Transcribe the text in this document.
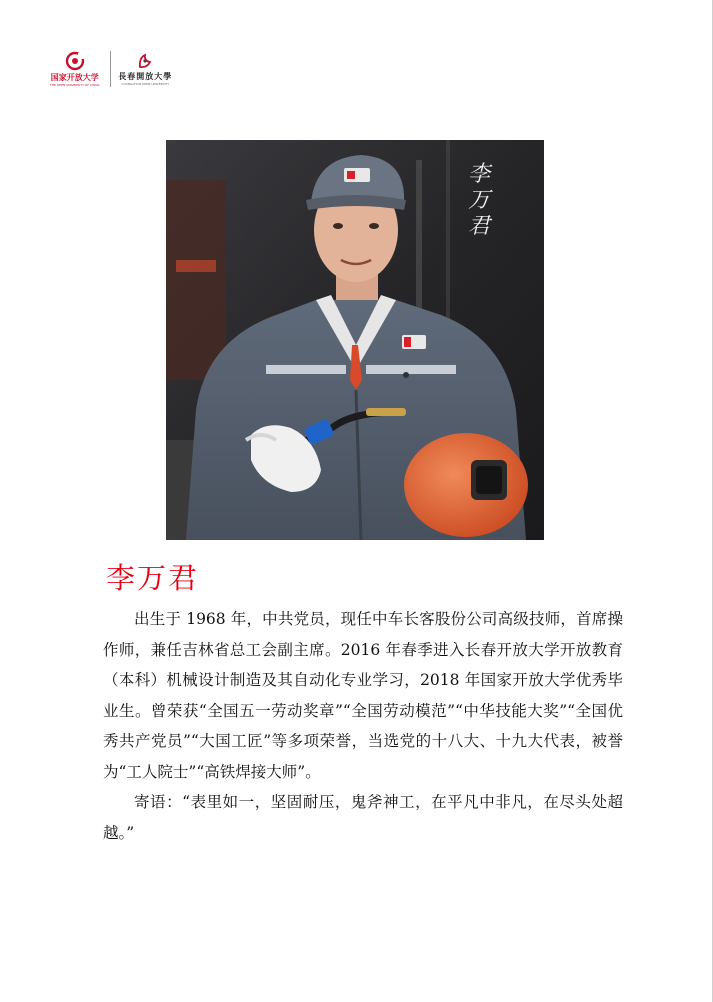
国家开放大学
THE OPEN UNIVERSITY OF CHINA
長春開放大學
CHANGCHUN OPEN UNIVERSITY
李万君
李万君

出生于 1968 年，中共党员，现任中车长客股份公司高级技师，首席操作师，兼任吉林省总工会副主席。2016 年春季进入长春开放大学开放教育（本科）机械设计制造及其自动化专业学习，2018 年国家开放大学优秀毕业生。曾荣获“全国五一劳动奖章”“全国劳动模范”“中华技能大奖”“全国优秀共产党员”“大国工匠”等多项荣誉，当选党的十八大、十九大代表，被誉为“工人院士”“高铁焊接大师”。

寄语：“表里如一，坚固耐压，鬼斧神工，在平凡中非凡，在尽头处超越。”
